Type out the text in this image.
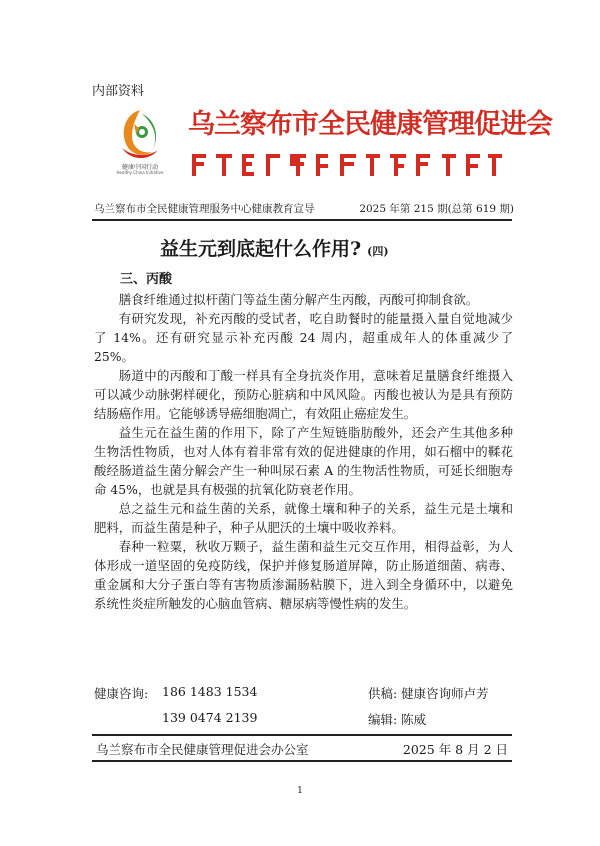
内部资料
健康中国行动
Healthy China Initiative
乌兰察布市全民健康管理促进会
乌兰察布市全民健康管理服务中心健康教育宣导	2025 年第 215 期(总第 619 期)
益生元到底起什么作用? (四)
三、丙酸

膳食纤维通过拟杆菌门等益生菌分解产生丙酸，丙酸可抑制食欲。

有研究发现，补充丙酸的受试者，吃自助餐时的能量摄入量自觉地减少了 14%。还有研究显示补充丙酸 24 周内，超重成年人的体重减少了 25%。

肠道中的丙酸和丁酸一样具有全身抗炎作用，意味着足量膳食纤维摄入可以减少动脉粥样硬化，预防心脏病和中风风险。丙酸也被认为是具有预防结肠癌作用。它能够诱导癌细胞凋亡，有效阻止癌症发生。

益生元在益生菌的作用下，除了产生短链脂肪酸外，还会产生其他多种生物活性物质，也对人体有着非常有效的促进健康的作用，如石榴中的鞣花酸经肠道益生菌分解会产生一种叫尿石素 A 的生物活性物质，可延长细胞寿命 45%，也就是具有极强的抗氧化防衰老作用。

总之益生元和益生菌的关系，就像土壤和种子的关系，益生元是土壤和肥料，而益生菌是种子，种子从肥沃的土壤中吸收养料。

春种一粒粟，秋收万颗子，益生菌和益生元交互作用，相得益彰，为人体形成一道坚固的免疫防线，保护并修复肠道屏障，防止肠道细菌、病毒、重金属和大分子蛋白等有害物质渗漏肠粘膜下，进入到全身循环中，以避免系统性炎症所触发的心脑血管病、糖尿病等慢性病的发生。

健康咨询: 186 1483 1534
139 0474 2139
供稿: 健康咨询师卢芳
编辑: 陈威
乌兰察布市全民健康管理促进会办公室	2025 年 8 月 2 日
1
